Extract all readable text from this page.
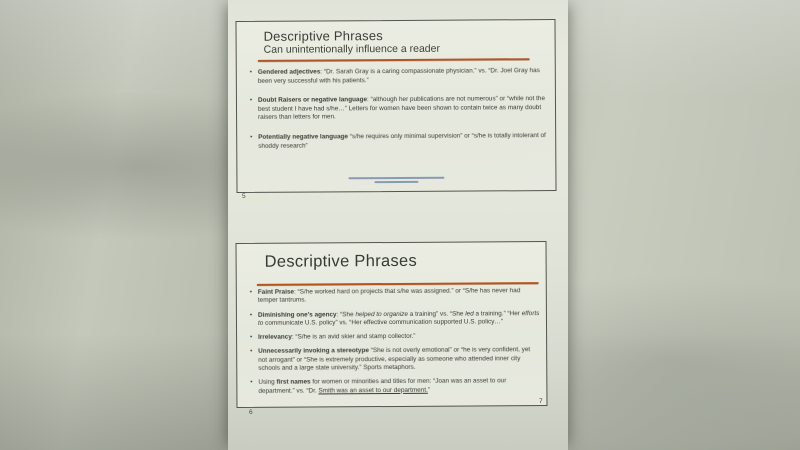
Descriptive Phrases
Can unintentionally influence a reader
• Gendered adjectives: “Dr. Sarah Gray is a caring compassionate physician.” vs. “Dr. Joel Gray has been very successful with his patients.”
• Doubt Raisers or negative language: “although her publications are not numerous” or “while not the best student I have had s/he…” Letters for women have been shown to contain twice as many doubt raisers than letters for men.
• Potentially negative language “s/he requires only minimal supervision” or “s/he is totally intolerant of shoddy research”
5
Descriptive Phrases
• Faint Praise: “S/he worked hard on projects that s/he was assigned.” or “S/he has never had temper tantrums.
• Diminishing one’s agency: “She helped to organize a training” vs. “She led a training.” “Her efforts to communicate U.S. policy” vs. “Her effective communication supported U.S. policy…”
• Irrelevancy: “S/he is an avid skier and stamp collector.”
• Unnecessarily invoking a stereotype “She is not overly emotional” or “he is very confident, yet not arrogant” or “She is extremely productive, especially as someone who attended inner city schools and a large state university.” Sports metaphors.
• Using first names for women or minorities and titles for men: “Joan was an asset to our department.” vs. “Dr. Smith was an asset to our department.”
6
7
